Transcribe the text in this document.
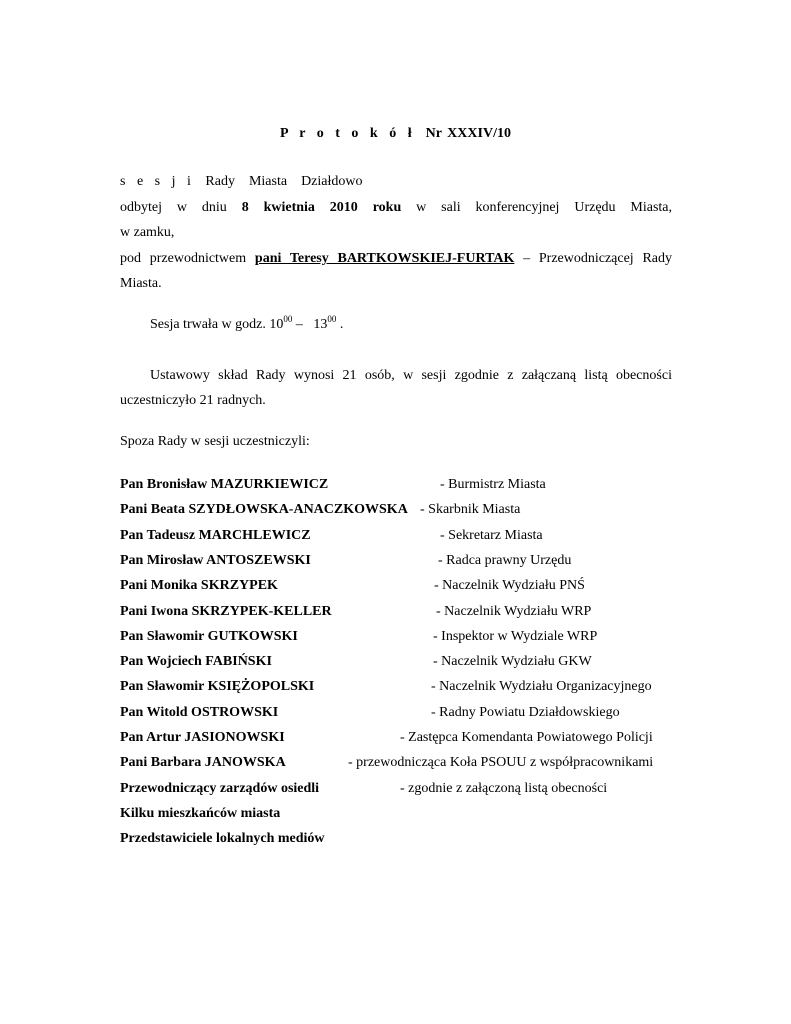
P r o t o k ó ł Nr XXXIV/10
s e s j i Rady Miasta Działdowo
odbytej w dniu 8 kwietnia 2010 roku w sali konferencyjnej Urzędu Miasta,
w zamku,
pod przewodnictwem pani Teresy BARTKOWSKIEJ-FURTAK – Przewodniczącej Rady
Miasta.
Sesja trwała w godz. $10^{00} - 13^{00}$ .
Ustawowy skład Rady wynosi 21 osób, w sesji zgodnie z załączaną listą obecności
uczestniczyło 21 radnych.
Spoza Rady w sesji uczestniczyli:
Pan Bronisław MAZURKIEWICZ	- Burmistrz Miasta
Pani Beata SZYDŁOWSKA-ANACZKOWSKA - Skarbnik Miasta
Pan Tadeusz MARCHLEWICZ	- Sekretarz Miasta
Pan Mirosław ANTOSZEWSKI	- Radca prawny Urzędu
Pani Monika SKRZYPEK	- Naczelnik Wydziału PNŚ
Pani Iwona SKRZYPEK-KELLER	- Naczelnik Wydziału WRP
Pan Sławomir GUTKOWSKI	- Inspektor w Wydziale WRP
Pan Wojciech FABIŃSKI	- Naczelnik Wydziału GKW
Pan Sławomir KSIĘŻOPOLSKI	- Naczelnik Wydziału Organizacyjnego
Pan Witold OSTROWSKI	- Radny Powiatu Działdowskiego
Pan Artur JASIONOWSKI	- Zastępca Komendanta Powiatowego Policji
Pani Barbara JANOWSKA	- przewodnicząca Koła PSOUU z współpracownikami
Przewodniczący zarządów osiedli	- zgodnie z załączoną listą obecności
Kilku mieszkańców miasta
Przedstawiciele lokalnych mediów
